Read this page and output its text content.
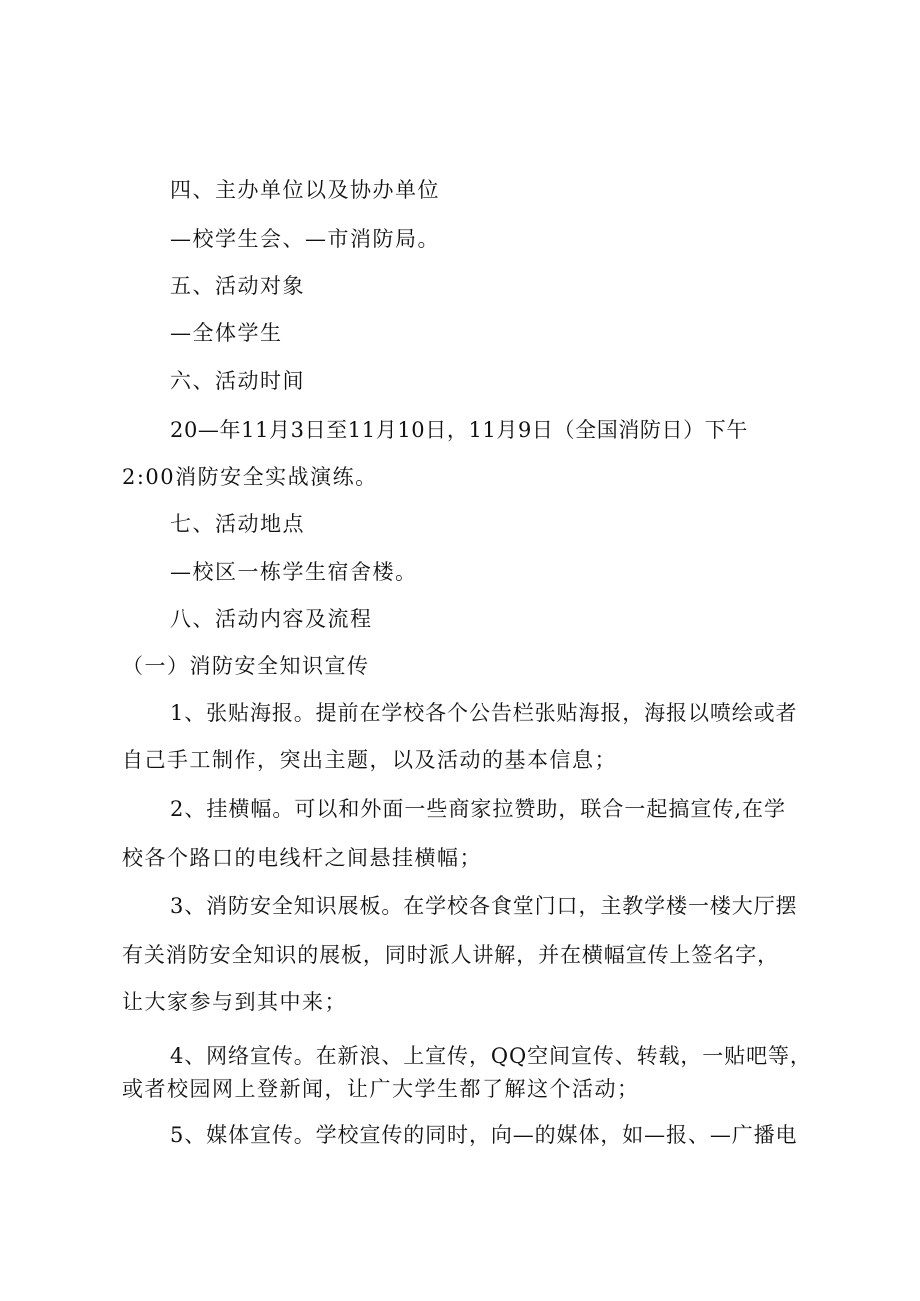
四、主办单位以及协办单位
—校学生会、—市消防局。
五、活动对象
—全体学生
六、活动时间
20—年11月3日至11月10日，11月9日（全国消防日）下午
2:00消防安全实战演练。
七、活动地点
—校区一栋学生宿舍楼。
八、活动内容及流程
（一）消防安全知识宣传
1、张贴海报。提前在学校各个公告栏张贴海报，海报以喷绘或者
自己手工制作，突出主题，以及活动的基本信息；
2、挂横幅。可以和外面一些商家拉赞助，联合一起搞宣传,在学
校各个路口的电线杆之间悬挂横幅；
3、消防安全知识展板。在学校各食堂门口，主教学楼一楼大厅摆
有关消防安全知识的展板，同时派人讲解，并在横幅宣传上签名字，
让大家参与到其中来；
4、网络宣传。在新浪、上宣传，QQ空间宣传、转载，一贴吧等，
或者校园网上登新闻，让广大学生都了解这个活动；
5、媒体宣传。学校宣传的同时，向—的媒体，如—报、—广播电
